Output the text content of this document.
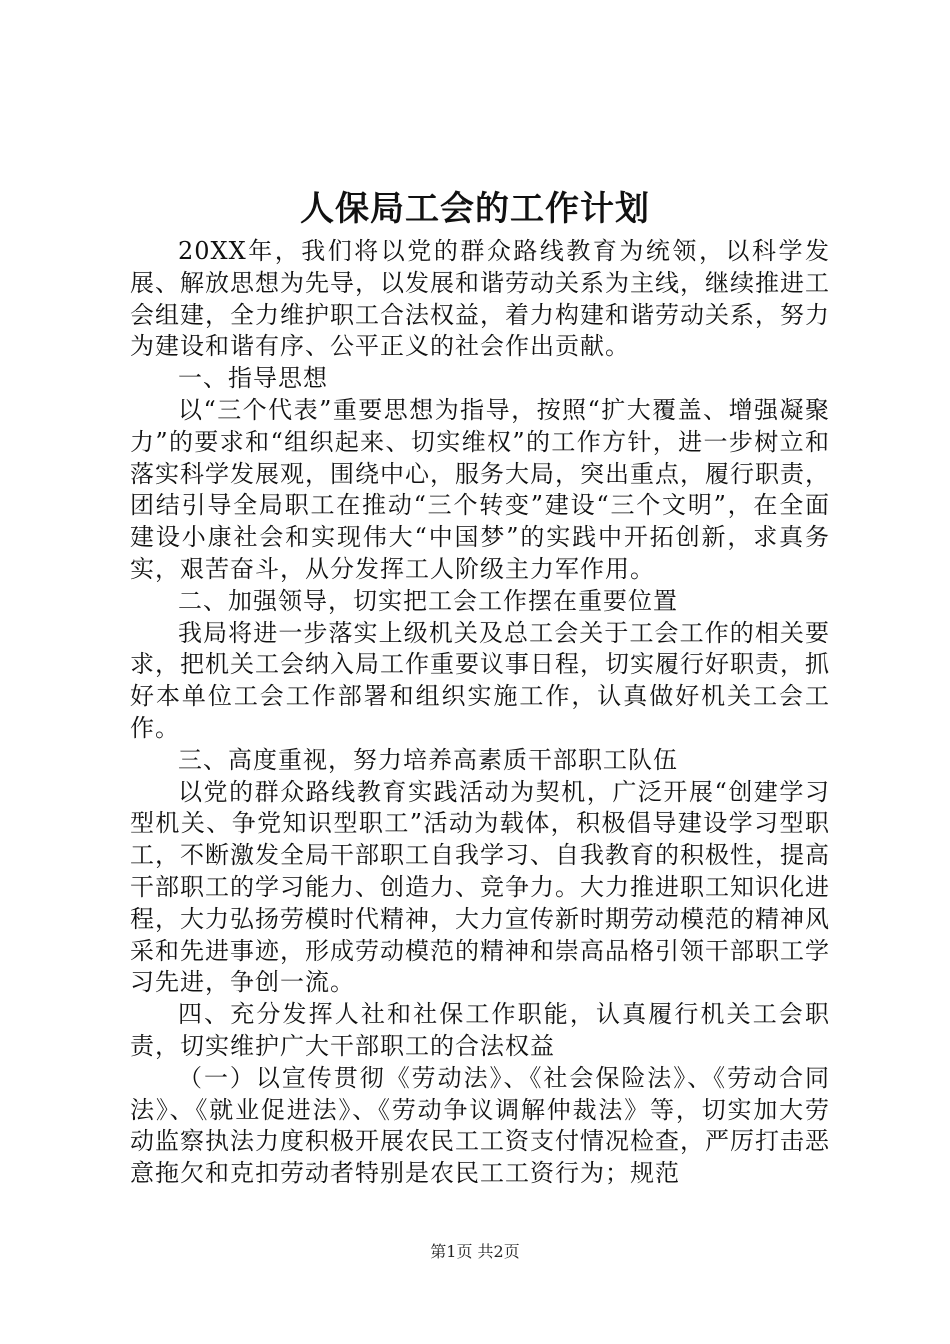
人保局工会的工作计划

20XX年，我们将以党的群众路线教育为统领，以科学发展、解放思想为先导，以发展和谐劳动关系为主线，继续推进工会组建，全力维护职工合法权益，着力构建和谐劳动关系，努力为建设和谐有序、公平正义的社会作出贡献。

一、指导思想

以“三个代表”重要思想为指导，按照“扩大覆盖、增强凝聚力”的要求和“组织起来、切实维权”的工作方针，进一步树立和落实科学发展观，围绕中心，服务大局，突出重点，履行职责，团结引导全局职工在推动“三个转变”建设“三个文明”，在全面建设小康社会和实现伟大“中国梦”的实践中开拓创新，求真务实，艰苦奋斗，从分发挥工人阶级主力军作用。

二、加强领导，切实把工会工作摆在重要位置

我局将进一步落实上级机关及总工会关于工会工作的相关要求，把机关工会纳入局工作重要议事日程，切实履行好职责，抓好本单位工会工作部署和组织实施工作，认真做好机关工会工作。

三、高度重视，努力培养高素质干部职工队伍

以党的群众路线教育实践活动为契机，广泛开展“创建学习型机关、争党知识型职工”活动为载体，积极倡导建设学习型职工，不断激发全局干部职工自我学习、自我教育的积极性，提高干部职工的学习能力、创造力、竞争力。大力推进职工知识化进程，大力弘扬劳模时代精神，大力宣传新时期劳动模范的精神风采和先进事迹，形成劳动模范的精神和崇高品格引领干部职工学习先进，争创一流。

四、充分发挥人社和社保工作职能，认真履行机关工会职责，切实维护广大干部职工的合法权益

（一）以宣传贯彻《劳动法》、《社会保险法》、《劳动合同法》、《就业促进法》、《劳动争议调解仲裁法》等，切实加大劳动监察执法力度积极开展农民工工资支付情况检查，严厉打击恶意拖欠和克扣劳动者特别是农民工工资行为；规范

第1页 共2页
